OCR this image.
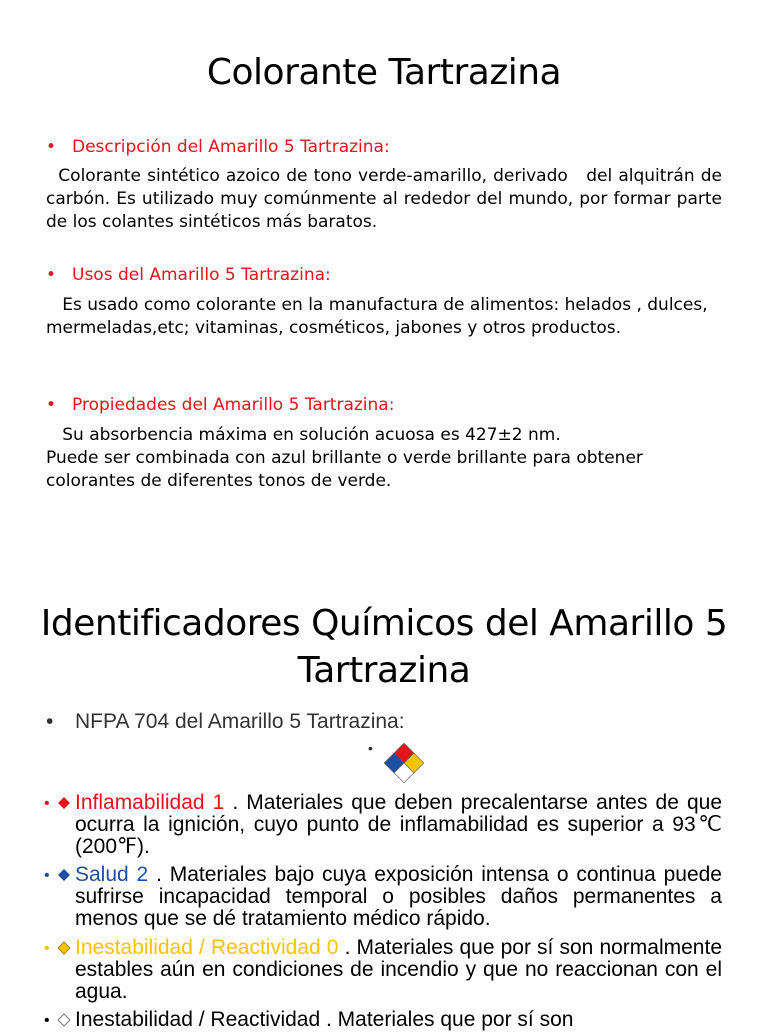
Colorante Tartrazina
• Descripción del Amarillo 5 Tartrazina:
Colorante sintético azoico de tono verde-amarillo, derivado   del alquitrán de carbón. Es utilizado muy comúnmente al rededor del mundo, por formar parte de los colantes sintéticos más baratos.
• Usos del Amarillo 5 Tartrazina:
Es usado como colorante en la manufactura de alimentos: helados , dulces, mermeladas,etc; vitaminas, cosméticos, jabones y otros productos.
• Propiedades del Amarillo 5 Tartrazina:
Su absorbencia máxima en solución acuosa es 427±2 nm.
Puede ser combinada con azul brillante o verde brillante para obtener colorantes de diferentes tonos de verde.
Identificadores Químicos del Amarillo 5 Tartrazina
• NFPA 704 del Amarillo 5 Tartrazina:
•
• Inflamabilidad 1 . Materiales que deben precalentarse antes de que ocurra la ignición, cuyo punto de inflamabilidad es superior a 93℃ (200℉).
• Salud 2 . Materiales bajo cuya exposición intensa o continua puede sufrirse incapacidad temporal o posibles daños permanentes a menos que se dé tratamiento médico rápido.
• Inestabilidad / Reactividad 0 . Materiales que por sí son normalmente estables aún en condiciones de incendio y que no reaccionan con el agua.
• Inestabilidad / Reactividad . Materiales que por sí son
